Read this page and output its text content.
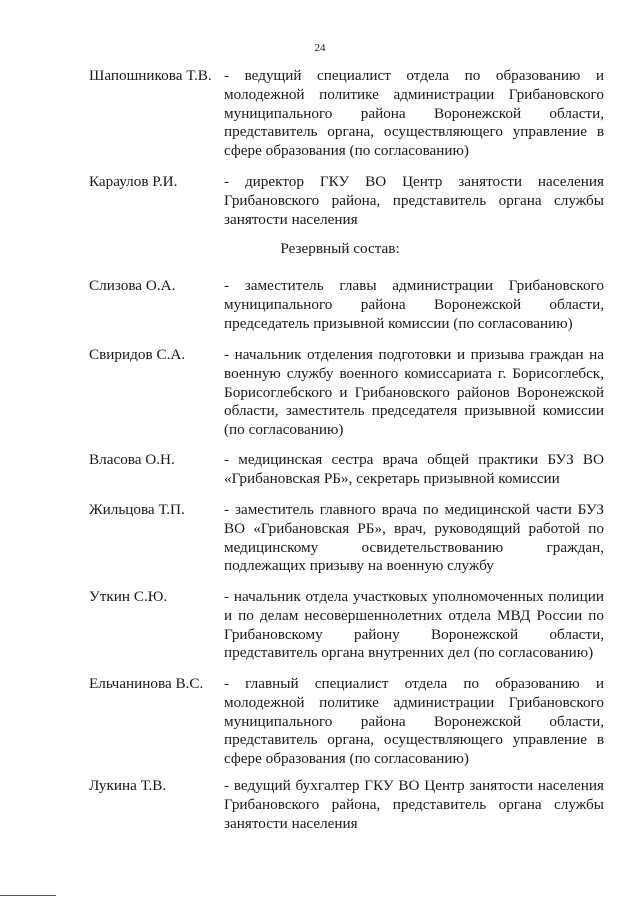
24
Шапошникова Т.В. - ведущий специалист отдела по образованию и молодежной политике администрации Грибановского муниципального района Воронежской области, представитель органа, осуществляющего управление в сфере образования (по согласованию)
Караулов Р.И.	- директор ГКУ ВО Центр занятости населения Грибановского района, представитель органа службы занятости населения
Резервный состав:
Слизова О.А.	- заместитель главы администрации Грибановского муниципального района Воронежской области, председатель призывной комиссии (по согласованию)
Свиридов С.А.	- начальник отделения подготовки и призыва граждан на военную службу военного комиссариата г. Борисоглебск, Борисоглебского и Грибановского районов Воронежской области, заместитель председателя призывной комиссии (по согласованию)
Власова О.Н.	- медицинская сестра врача общей практики БУЗ ВО «Грибановская РБ», секретарь призывной комиссии
Жильцова Т.П.	- заместитель главного врача по медицинской части БУЗ ВО «Грибановская РБ», врач, руководящий работой по медицинскому освидетельствованию граждан, подлежащих призыву на военную службу
Уткин С.Ю.	- начальник отдела участковых уполномоченных полиции и по делам несовершеннолетних отдела МВД России по Грибановскому району Воронежской области, представитель органа внутренних дел (по согласованию)
Ельчанинова В.С. - главный специалист отдела по образованию и молодежной политике администрации Грибановского муниципального района Воронежской области, представитель органа, осуществляющего управление в сфере образования (по согласованию)
Лукина Т.В.	- ведущий бухгалтер ГКУ ВО Центр занятости населения Грибановского района, представитель органа службы занятости населения
